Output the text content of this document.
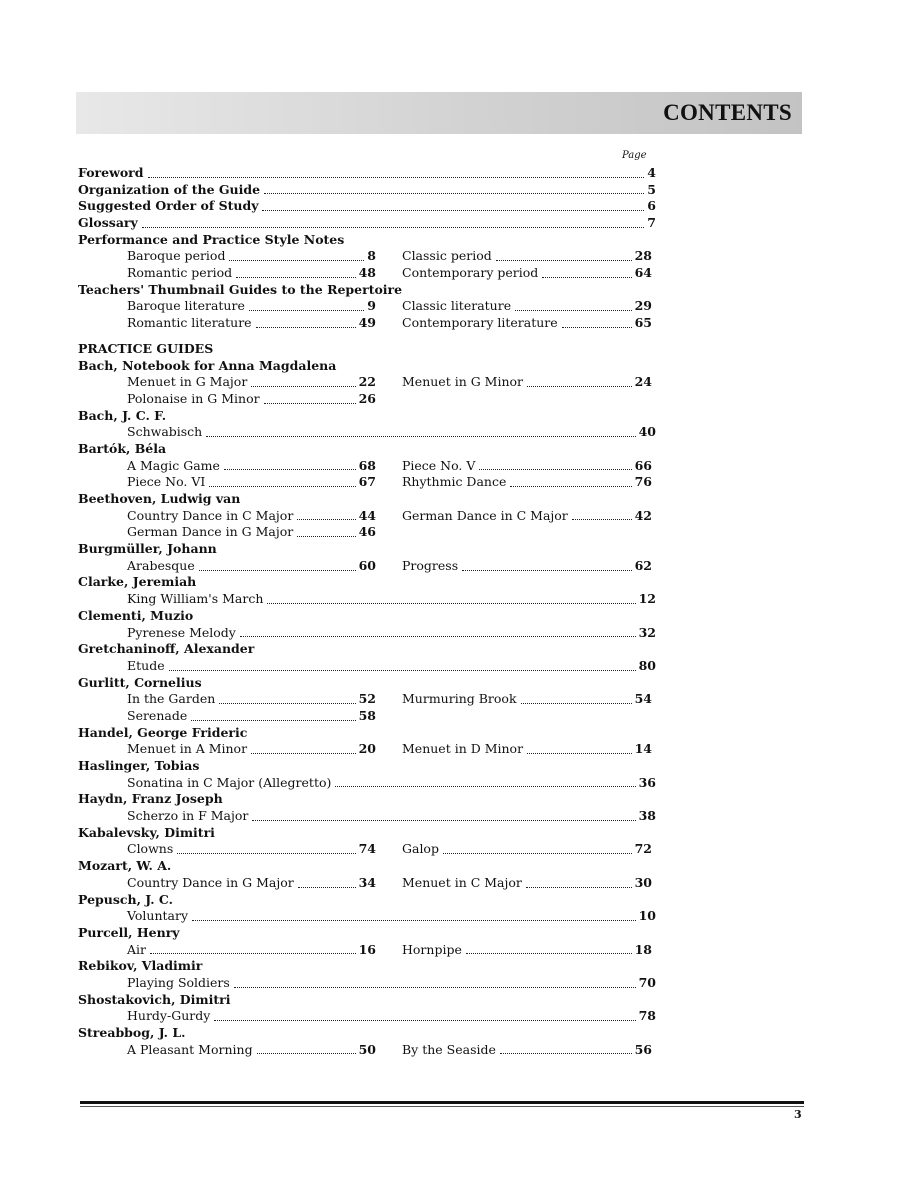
CONTENTS
Page
Foreword	4
Organization of the Guide	5
Suggested Order of Study	6
Glossary	7
Performance and Practice Style Notes
Baroque period	8 Classic period	28
Romantic period	48 Contemporary period	64
Teachers' Thumbnail Guides to the Repertoire
Baroque literature	9 Classic literature	29
Romantic literature	49 Contemporary literature	65
PRACTICE GUIDES
Bach, Notebook for Anna Magdalena
Menuet in G Major	22 Menuet in G Minor	24
Polonaise in G Minor	26
Bach, J. C. F.
Schwabisch	40
Bartók, Béla
A Magic Game	68 Piece No. V	66
Piece No. VI	67 Rhythmic Dance	76
Beethoven, Ludwig van
Country Dance in C Major	44 German Dance in C Major	42
German Dance in G Major	46
Burgmüller, Johann
Arabesque	60 Progress	62
Clarke, Jeremiah
King William's March	12
Clementi, Muzio
Pyrenese Melody	32
Gretchaninoff, Alexander
Etude	80
Gurlitt, Cornelius
In the Garden	52 Murmuring Brook	54
Serenade	58
Handel, George Frideric
Menuet in A Minor	20 Menuet in D Minor	14
Haslinger, Tobias
Sonatina in C Major (Allegretto)	36
Haydn, Franz Joseph
Scherzo in F Major	38
Kabalevsky, Dimitri
Clowns	74 Galop	72
Mozart, W. A.
Country Dance in G Major	34 Menuet in C Major	30
Pepusch, J. C.
Voluntary	10
Purcell, Henry
Air	16 Hornpipe	18
Rebikov, Vladimir
Playing Soldiers	70
Shostakovich, Dimitri
Hurdy-Gurdy	78
Streabbog, J. L.
A Pleasant Morning	50 By the Seaside	56
3
